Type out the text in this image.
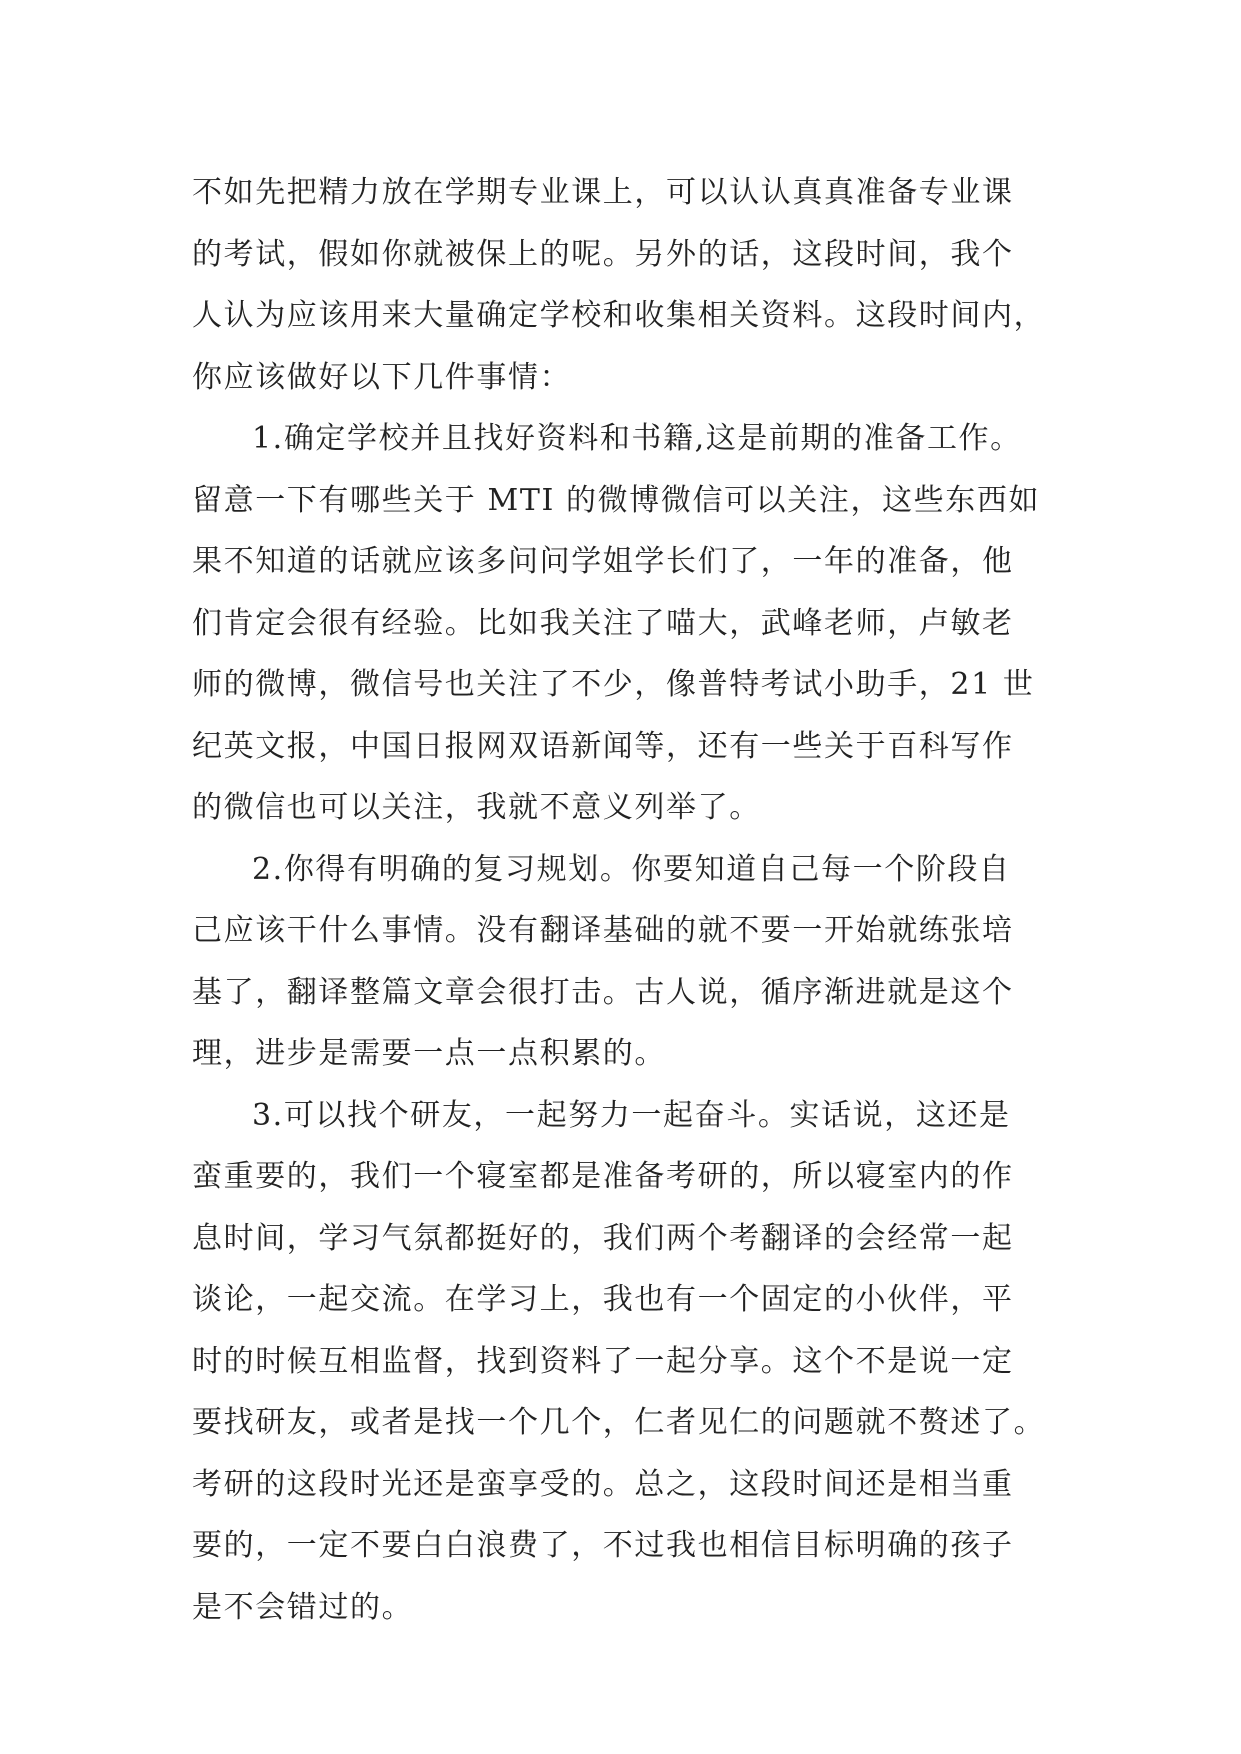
不如先把精力放在学期专业课上，可以认认真真准备专业课
的考试，假如你就被保上的呢。另外的话，这段时间，我个
人认为应该用来大量确定学校和收集相关资料。这段时间内，
你应该做好以下几件事情：
1.确定学校并且找好资料和书籍,这是前期的准备工作。
留意一下有哪些关于 MTI 的微博微信可以关注，这些东西如
果不知道的话就应该多问问学姐学长们了，一年的准备，他
们肯定会很有经验。比如我关注了喵大，武峰老师，卢敏老
师的微博，微信号也关注了不少，像普特考试小助手，21 世
纪英文报，中国日报网双语新闻等，还有一些关于百科写作
的微信也可以关注，我就不意义列举了。
2.你得有明确的复习规划。你要知道自己每一个阶段自
己应该干什么事情。没有翻译基础的就不要一开始就练张培
基了，翻译整篇文章会很打击。古人说，循序渐进就是这个
理，进步是需要一点一点积累的。
3.可以找个研友，一起努力一起奋斗。实话说，这还是
蛮重要的，我们一个寝室都是准备考研的，所以寝室内的作
息时间，学习气氛都挺好的，我们两个考翻译的会经常一起
谈论，一起交流。在学习上，我也有一个固定的小伙伴，平
时的时候互相监督，找到资料了一起分享。这个不是说一定
要找研友，或者是找一个几个，仁者见仁的问题就不赘述了。
考研的这段时光还是蛮享受的。总之，这段时间还是相当重
要的，一定不要白白浪费了，不过我也相信目标明确的孩子
是不会错过的。
